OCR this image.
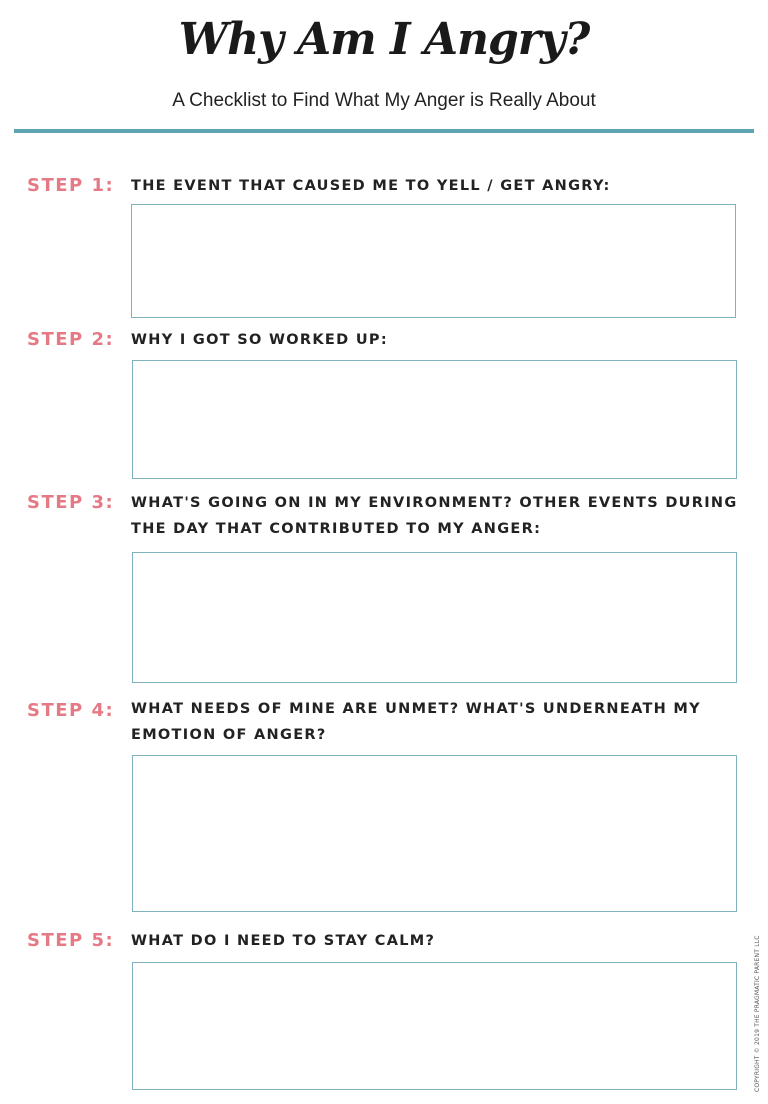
Why Am I Angry?
A Checklist to Find What My Anger is Really About
STEP 1: THE EVENT THAT CAUSED ME TO YELL / GET ANGRY:
STEP 2: WHY I GOT SO WORKED UP:
STEP 3: WHAT'S GOING ON IN MY ENVIRONMENT? OTHER EVENTS DURING THE DAY THAT CONTRIBUTED TO MY ANGER:
STEP 4: WHAT NEEDS OF MINE ARE UNMET? WHAT'S UNDERNEATH MY EMOTION OF ANGER?
STEP 5: WHAT DO I NEED TO STAY CALM?	COPYRIGHT © 2019 THE PRAGMATIC PARENT LLC
